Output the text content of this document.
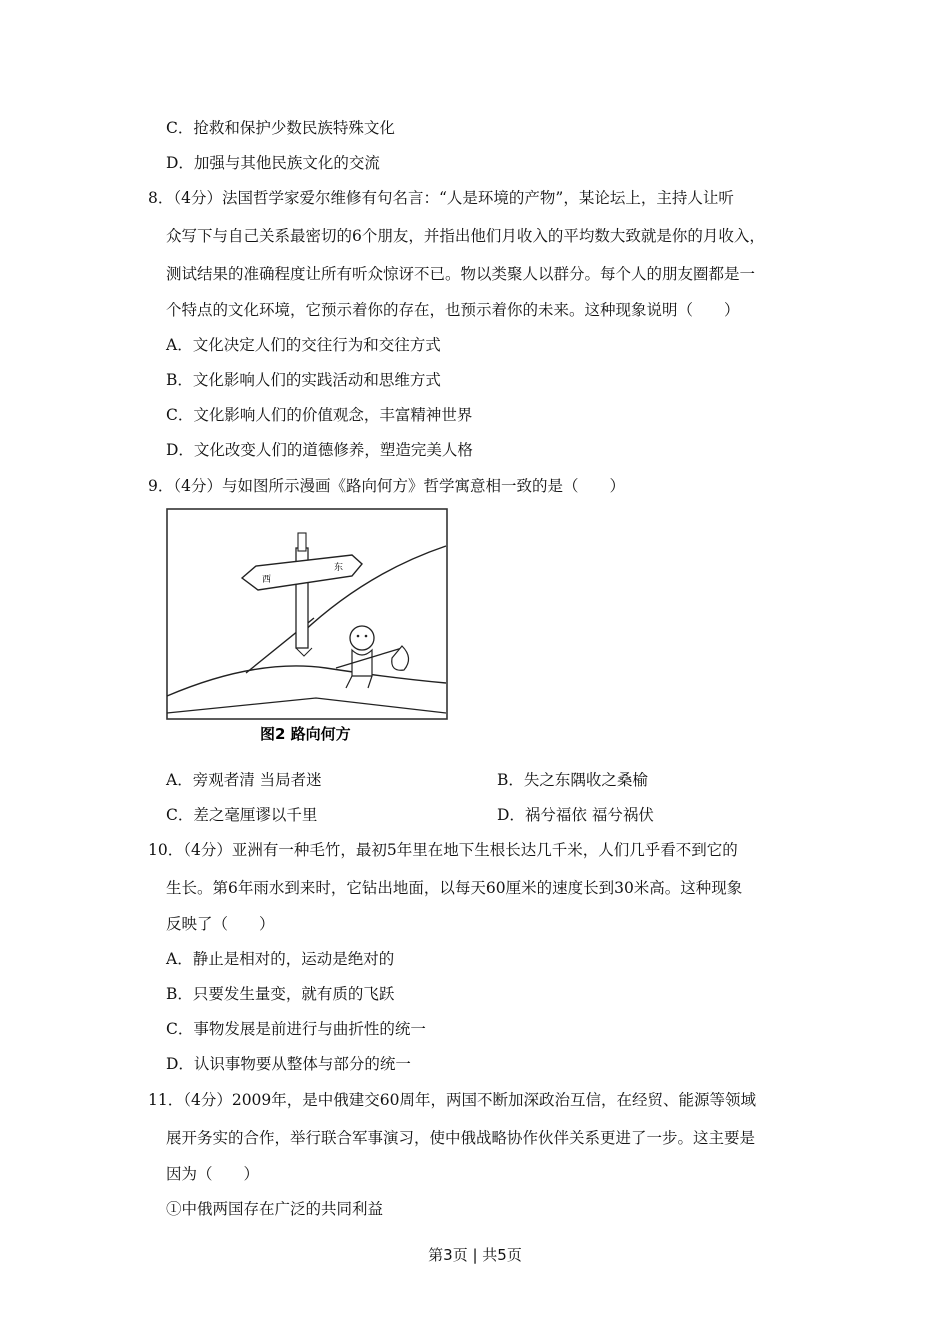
C．抢救和保护少数民族特殊文化
D．加强与其他民族文化的交流
8．（4分）法国哲学家爱尔维修有句名言：“人是环境的产物”，某论坛上，主持人让听
众写下与自己关系最密切的6个朋友，并指出他们月收入的平均数大致就是你的月收入，
测试结果的准确程度让所有听众惊讶不已。物以类聚人以群分。每个人的朋友圈都是一
个特点的文化环境，它预示着你的存在，也预示着你的未来。这种现象说明（　　）
A．文化决定人们的交往行为和交往方式
B．文化影响人们的实践活动和思维方式
C．文化影响人们的价值观念，丰富精神世界
D．文化改变人们的道德修养，塑造完美人格
9．（4分）与如图所示漫画《路向何方》哲学寓意相一致的是（　　）
西
东
图2 路向何方
A．旁观者清 当局者迷	B．失之东隅收之桑榆
C．差之毫厘谬以千里	D．祸兮福依 福兮祸伏
10．（4分）亚洲有一种毛竹，最初5年里在地下生根长达几千米，人们几乎看不到它的
生长。第6年雨水到来时，它钻出地面，以每天60厘米的速度长到30米高。这种现象
反映了（　　）
A．静止是相对的，运动是绝对的
B．只要发生量变，就有质的飞跃
C．事物发展是前进行与曲折性的统一
D．认识事物要从整体与部分的统一
11．（4分）2009年，是中俄建交60周年，两国不断加深政治互信，在经贸、能源等领域
展开务实的合作，举行联合军事演习，使中俄战略协作伙伴关系更进了一步。这主要是
因为（　　）
①中俄两国存在广泛的共同利益
第3页 | 共5页
